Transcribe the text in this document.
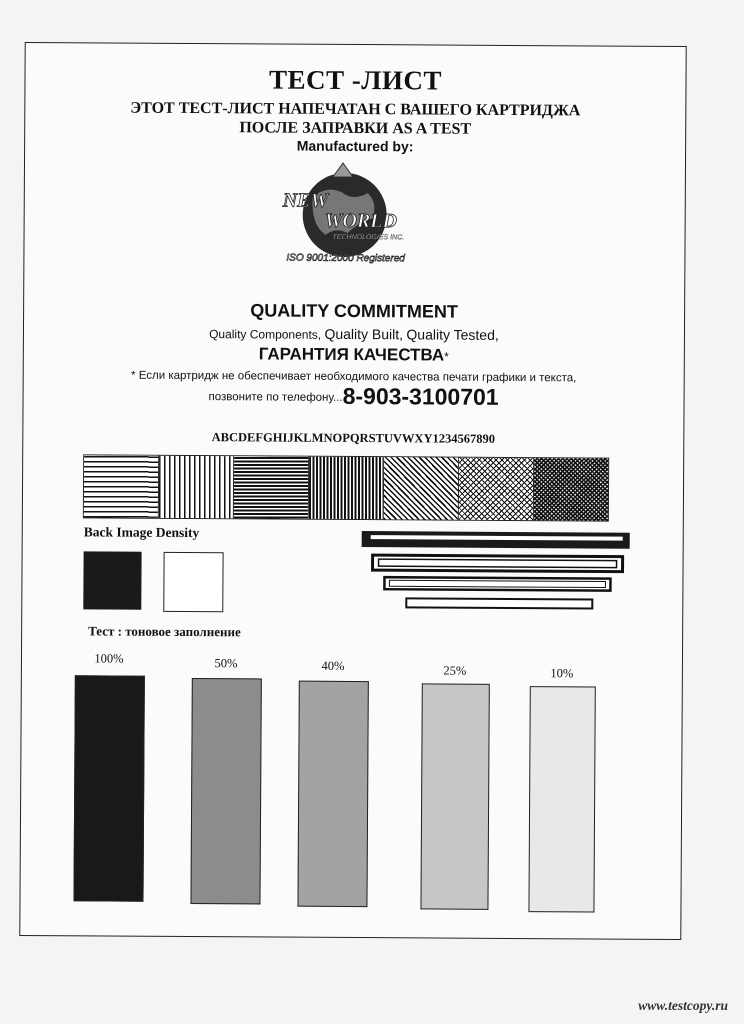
ТЕСТ -ЛИСТ
ЭТОТ ТЕСТ-ЛИСТ НАПЕЧАТАН С ВАШЕГО КАРТРИДЖА
ПОСЛЕ ЗАПРАВКИ AS A TEST
Manufactured by:
NEW
WORLD
TECHNOLOGIES INC.
ISO 9001:2000 Registered
QUALITY COMMITMENT
Quality Components, Quality Built, Quality Tested,
ГАРАНТИЯ КАЧЕСТВА*
* Если картридж не обеспечивает необходимого качества печати графики и текста,
позвоните по телефону...8-903-3100701
ABCDEFGHIJKLMNOPQRSTUVWXY1234567890
Back Image Density
Тест : тоновое заполнение
100%	50%	40%	25%	10%
www.testcopy.ru
